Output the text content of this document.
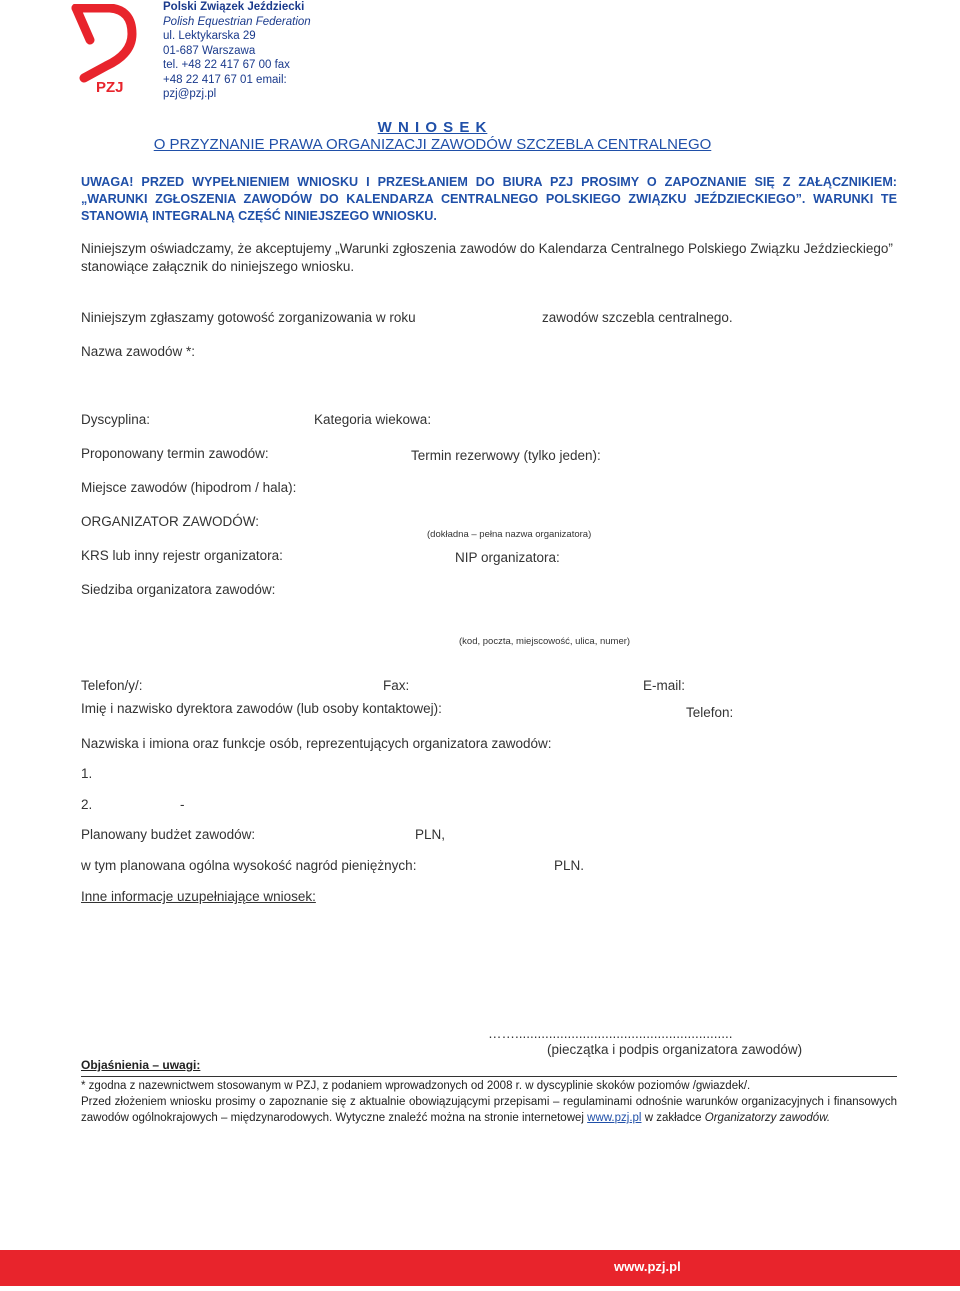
PZJ
Polski Związek Jeździecki
Polish Equestrian Federation
ul. Lektykarska 29
01-687 Warszawa
tel. +48 22 417 67 00 fax
+48 22 417 67 01 email:
pzj@pzj.pl
W N I O S E K
O PRZYZNANIE PRAWA ORGANIZACJI ZAWODÓW SZCZEBLA CENTRALNEGO
UWAGA! PRZED WYPEŁNIENIEM WNIOSKU I PRZESŁANIEM DO BIURA PZJ PROSIMY O ZAPOZNANIE SIĘ Z ZAŁĄCZNIKIEM: „WARUNKI ZGŁOSZENIA ZAWODÓW DO KALENDARZA CENTRALNEGO POLSKIEGO ZWIĄZKU JEŹDZIECKIEGO”. WARUNKI TE STANOWIĄ INTEGRALNĄ CZĘŚĆ NINIEJSZEGO WNIOSKU.
Niniejszym oświadczamy, że akceptujemy „Warunki zgłoszenia zawodów do Kalendarza Centralnego Polskiego Związku Jeździeckiego” stanowiące załącznik do niniejszego wniosku.
Niniejszym zgłaszamy gotowość zorganizowania w roku	zawodów szczebla centralnego.
Nazwa zawodów *:
Dyscyplina:	Kategoria wiekowa:
Proponowany termin zawodów:	Termin rezerwowy (tylko jeden):
Miejsce zawodów (hipodrom / hala):
ORGANIZATOR ZAWODÓW:
(dokładna – pełna nazwa organizatora)
KRS lub inny rejestr organizatora:	NIP organizatora:
Siedziba organizatora zawodów:
(kod, poczta, miejscowość, ulica, numer)
Telefon/y/:	Fax:	E-mail:
Imię i nazwisko dyrektora zawodów (lub osoby kontaktowej):	Telefon:
Nazwiska i imiona oraz funkcje osób, reprezentujących organizatora zawodów:
1.
2.	-
Planowany budżet zawodów:	PLN,
w tym planowana ogólna wysokość nagród pieniężnych:	PLN.
Inne informacje uzupełniające wniosek:
……..........................................................
(pieczątka i podpis organizatora zawodów)
Objaśnienia – uwagi:
* zgodna z nazewnictwem stosowanym w PZJ, z podaniem wprowadzonych od 2008 r. w dyscyplinie skoków poziomów /gwiazdek/.
Przed złożeniem wniosku prosimy o zapoznanie się z aktualnie obowiązującymi przepisami – regulaminami odnośnie warunków organizacyjnych i finansowych zawodów ogólnokrajowych – międzynarodowych. Wytyczne znaleźć można na stronie internetowej www.pzj.pl w zakładce Organizatorzy zawodów.
www.pzj.pl
